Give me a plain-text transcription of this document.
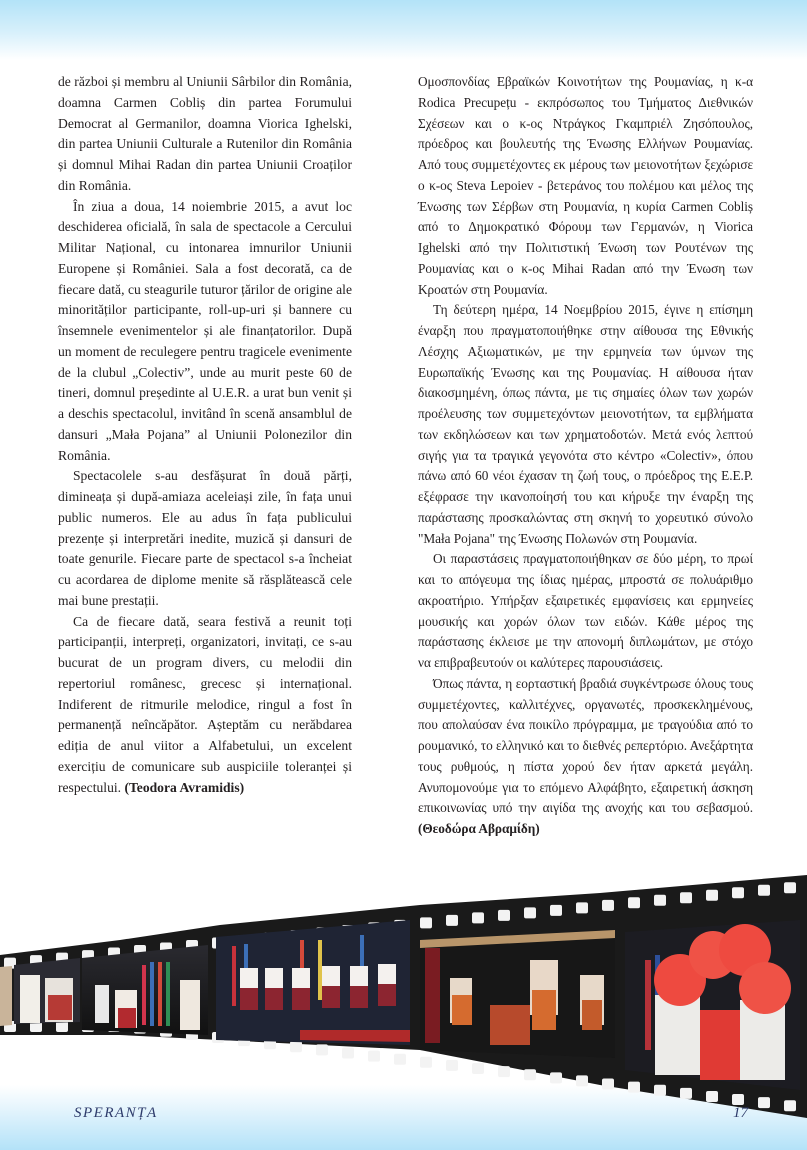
de război și membru al Uniunii Sârbilor din România, doamna Carmen Cobliș din partea Forumului Democrat al Germanilor, doamna Viorica Ighelski, din partea Uniunii Culturale a Rutenilor din România și domnul Mihai Radan din partea Uniunii Croaților din România.

În ziua a doua, 14 noiembrie 2015, a avut loc deschiderea oficială, în sala de spectacole a Cercului Militar Național, cu intonarea imnurilor Uniunii Europene și României. Sala a fost decorată, ca de fiecare dată, cu steagurile tuturor țărilor de origine ale minorităților participante, roll-up-uri și bannere cu însemnele evenimentelor și ale finanțatorilor. După un moment de reculegere pentru tragicele evenimente de la clubul „Colectiv”, unde au murit peste 60 de tineri, domnul președinte al U.E.R. a urat bun venit și a deschis spectacolul, invitând în scenă ansamblul de dansuri „Mała Pojana” al Uniunii Polonezilor din România.

Spectacolele s-au desfășurat în două părți, dimineața și după-amiaza aceleiași zile, în fața unui public numeros. Ele au adus în fața publicului prezențe și interpretări inedite, muzică și dansuri de toate genurile. Fiecare parte de spectacol s-a încheiat cu acordarea de diplome menite să răsplătească cele mai bune prestații.

Ca de fiecare dată, seara festivă a reunit toți participanții, interpreți, organizatori, invitați, ce s-au bucurat de un program divers, cu melodii din repertoriul românesc, grecesc și internațional. Indiferent de ritmurile melodice, ringul a fost în permanență neîncăpător. Așteptăm cu nerăbdarea ediția de anul viitor a Alfabetului, un excelent exercițiu de comunicare sub auspiciile toleranței și respectului. (Teodora Avramidis)

Ομοσπονδίας Εβραϊκών Κοινοτήτων της Ρουμανίας, η κ-α Rodica Precupețu - εκπρόσωπος του Τμήματος Διεθνικών Σχέσεων και ο κ-ος Ντράγκος Γκαμπριέλ Ζησόπουλος, πρόεδρος και βουλευτής της Ένωσης Ελλήνων Ρουμανίας. Από τους συμμετέχοντες εκ μέρους των μειονοτήτων ξεχώρισε ο κ-ος Steva Lepoiev - βετεράνος του πολέμου και μέλος της Ένωσης των Σέρβων στη Ρουμανία, η κυρία Carmen Cobliș από το Δημοκρατικό Φόρουμ των Γερμανών, η Viorica Ighelski από την Πολιτιστική Ένωση των Ρουτένων της Ρουμανίας και ο κ-ος Mihai Radan από την Ένωση των Κροατών στη Ρουμανία.

Τη δεύτερη ημέρα, 14 Νοεμβρίου 2015, έγινε η επίσημη έναρξη που πραγματοποιήθηκε στην αίθουσα της Εθνικής Λέσχης Αξιωματικών, με την ερμηνεία των ύμνων της Ευρωπαϊκής Ένωσης και της Ρουμανίας. Η αίθουσα ήταν διακοσμημένη, όπως πάντα, με τις σημαίες όλων των χωρών προέλευσης των συμμετεχόντων μειονοτήτων, τα εμβλήματα των εκδηλώσεων και των χρηματοδοτών. Μετά ενός λεπτού σιγής για τα τραγικά γεγονότα στο κέντρο «Colectiv», όπου πάνω από 60 νέοι έχασαν τη ζωή τους, ο πρόεδρος της Ε.Ε.Ρ. εξέφρασε την ικανοποίησή του και κήρυξε την έναρξη της παράστασης προσκαλώντας στη σκηνή το χορευτικό σύνολο "Mała Pojana" της Ένωσης Πολωνών στη Ρουμανία.

Οι παραστάσεις πραγματοποιήθηκαν σε δύο μέρη, το πρωί και το απόγευμα της ίδιας ημέρας, μπροστά σε πολυάριθμο ακροατήριο. Υπήρξαν εξαιρετικές εμφανίσεις και ερμηνείες μουσικής και χορών όλων των ειδών. Κάθε μέρος της παράστασης έκλεισε με την απονομή διπλωμάτων, με στόχο να επιβραβευτούν οι καλύτερες παρουσιάσεις.

Όπως πάντα, η εορταστική βραδιά συγκέντρωσε όλους τους συμμετέχοντες, καλλιτέχνες, οργανωτές, προσκεκλημένους, που απολαύσαν ένα ποικίλο πρόγραμμα, με τραγούδια από το ρουμανικό, το ελληνικό και το διεθνές ρεπερτόριο. Ανεξάρτητα τους ρυθμούς, η πίστα χορού δεν ήταν αρκετά μεγάλη. Ανυπομονούμε για το επόμενο Αλφάβητο, εξαιρετική άσκηση επικοινωνίας υπό την αιγίδα της ανοχής και του σεβασμού. (Θεοδώρα Αβραμίδη)

SPERANȚA	17
